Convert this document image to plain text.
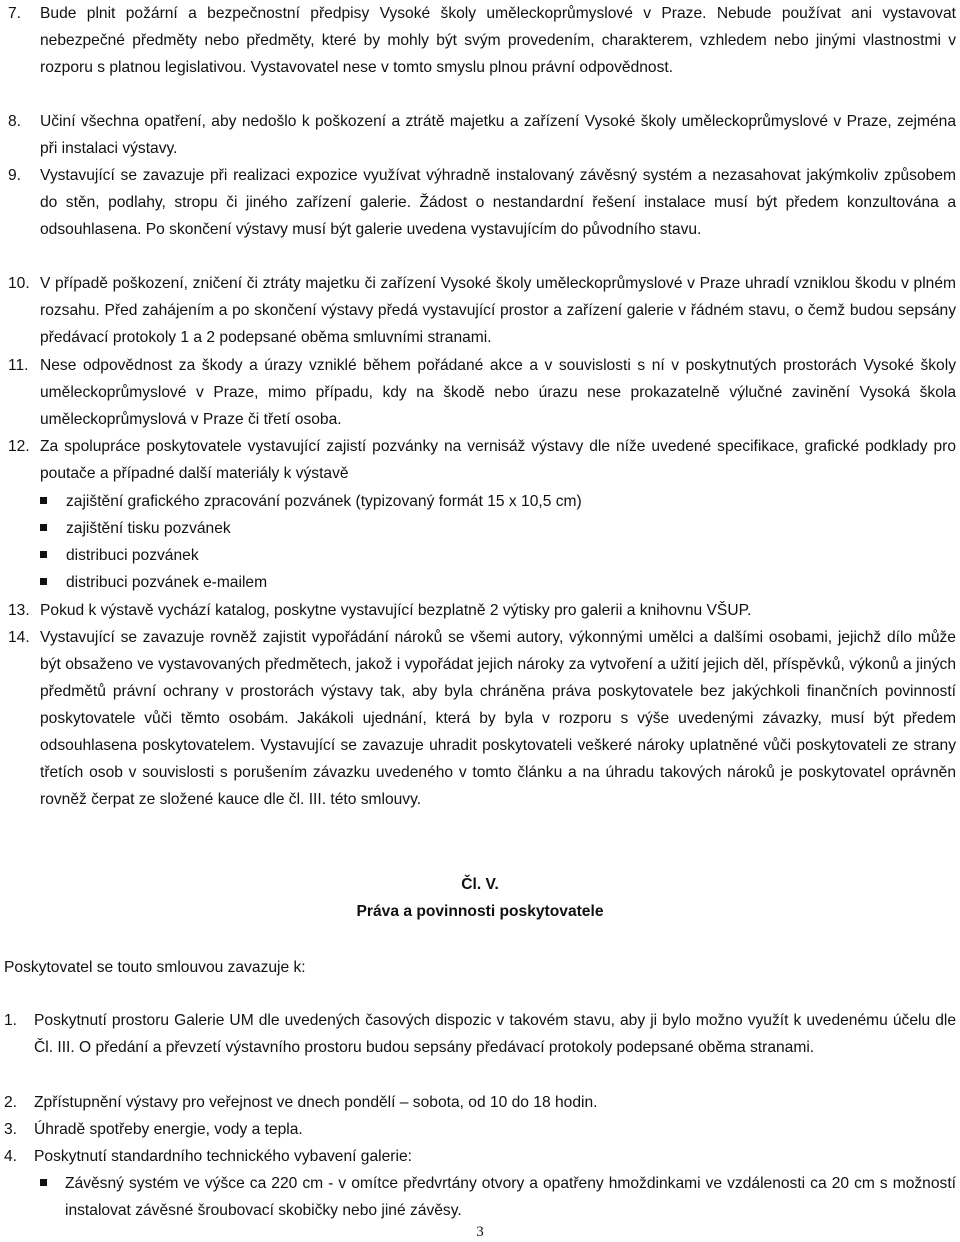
7. Bude plnit požární a bezpečnostní předpisy Vysoké školy uměleckoprůmyslové v Praze. Nebude používat ani vystavovat nebezpečné předměty nebo předměty, které by mohly být svým provedením, charakterem, vzhledem nebo jinými vlastnostmi v rozporu s platnou legislativou. Vystavovatel nese v tomto smyslu plnou právní odpovědnost.
8. Učiní všechna opatření, aby nedošlo k poškození a ztrátě majetku a zařízení Vysoké školy uměleckoprůmyslové v Praze, zejména při instalaci výstavy.
9. Vystavující se zavazuje při realizaci expozice využívat výhradně instalovaný závěsný systém a nezasahovat jakýmkoliv způsobem do stěn, podlahy, stropu či jiného zařízení galerie. Žádost o nestandardní řešení instalace musí být předem konzultována a odsouhlasena. Po skončení výstavy musí být galerie uvedena vystavujícím do původního stavu.
10. V případě poškození, zničení či ztráty majetku či zařízení Vysoké školy uměleckoprůmyslové v Praze uhradí vzniklou škodu v plném rozsahu. Před zahájením a po skončení výstavy předá vystavující prostor a zařízení galerie v řádném stavu, o čemž budou sepsány předávací protokoly 1 a 2 podepsané oběma smluvními stranami.
11. Nese odpovědnost za škody a úrazy vzniklé během pořádané akce a v souvislosti s ní v poskytnutých prostorách Vysoké školy uměleckoprůmyslové v Praze, mimo případu, kdy na škodě nebo úrazu nese prokazatelně výlučné zavinění Vysoká škola uměleckoprůmyslová v Praze či třetí osoba.
12. Za spolupráce poskytovatele vystavující zajistí pozvánky na vernisáž výstavy dle níže uvedené specifikace, grafické podklady pro poutače a případné další materiály k výstavě
zajištění grafického zpracování pozvánek (typizovaný formát 15 x 10,5 cm)
zajištění tisku pozvánek
distribuci pozvánek
distribuci pozvánek e-mailem
13. Pokud k výstavě vychází katalog, poskytne vystavující bezplatně 2 výtisky pro galerii a knihovnu VŠUP.
14. Vystavující se zavazuje rovněž zajistit vypořádání nároků se všemi autory, výkonnými umělci a dalšími osobami, jejichž dílo může být obsaženo ve vystavovaných předmětech, jakož i vypořádat jejich nároky za vytvoření a užití jejich děl, příspěvků, výkonů a jiných předmětů právní ochrany v prostorách výstavy tak, aby byla chráněna práva poskytovatele bez jakýchkoli finančních povinností poskytovatele vůči těmto osobám. Jakákoli ujednání, která by byla v rozporu s výše uvedenými závazky, musí být předem odsouhlasena poskytovatelem. Vystavující se zavazuje uhradit poskytovateli veškeré nároky uplatněné vůči poskytovateli ze strany třetích osob v souvislosti s porušením závazku uvedeného v tomto článku a na úhradu takových nároků je poskytovatel oprávněn rovněž čerpat ze složené kauce dle čl. III. této smlouvy.
Čl. V.
Práva a povinnosti poskytovatele
Poskytovatel se touto smlouvou zavazuje k:
1. Poskytnutí prostoru Galerie UM dle uvedených časových dispozic v takovém stavu, aby ji bylo možno využít k uvedenému účelu dle Čl. III. O předání a převzetí výstavního prostoru budou sepsány předávací protokoly podepsané oběma stranami.
2. Zpřístupnění výstavy pro veřejnost ve dnech pondělí – sobota, od 10 do 18 hodin.
3. Úhradě spotřeby energie, vody a tepla.
4. Poskytnutí standardního technického vybavení galerie:
Závěsný systém ve výšce ca 220 cm - v omítce předvrtány otvory a opatřeny hmoždinkami ve vzdálenosti ca 20 cm s možností instalovat závěsné šroubovací skobičky nebo jiné závěsy.
3
